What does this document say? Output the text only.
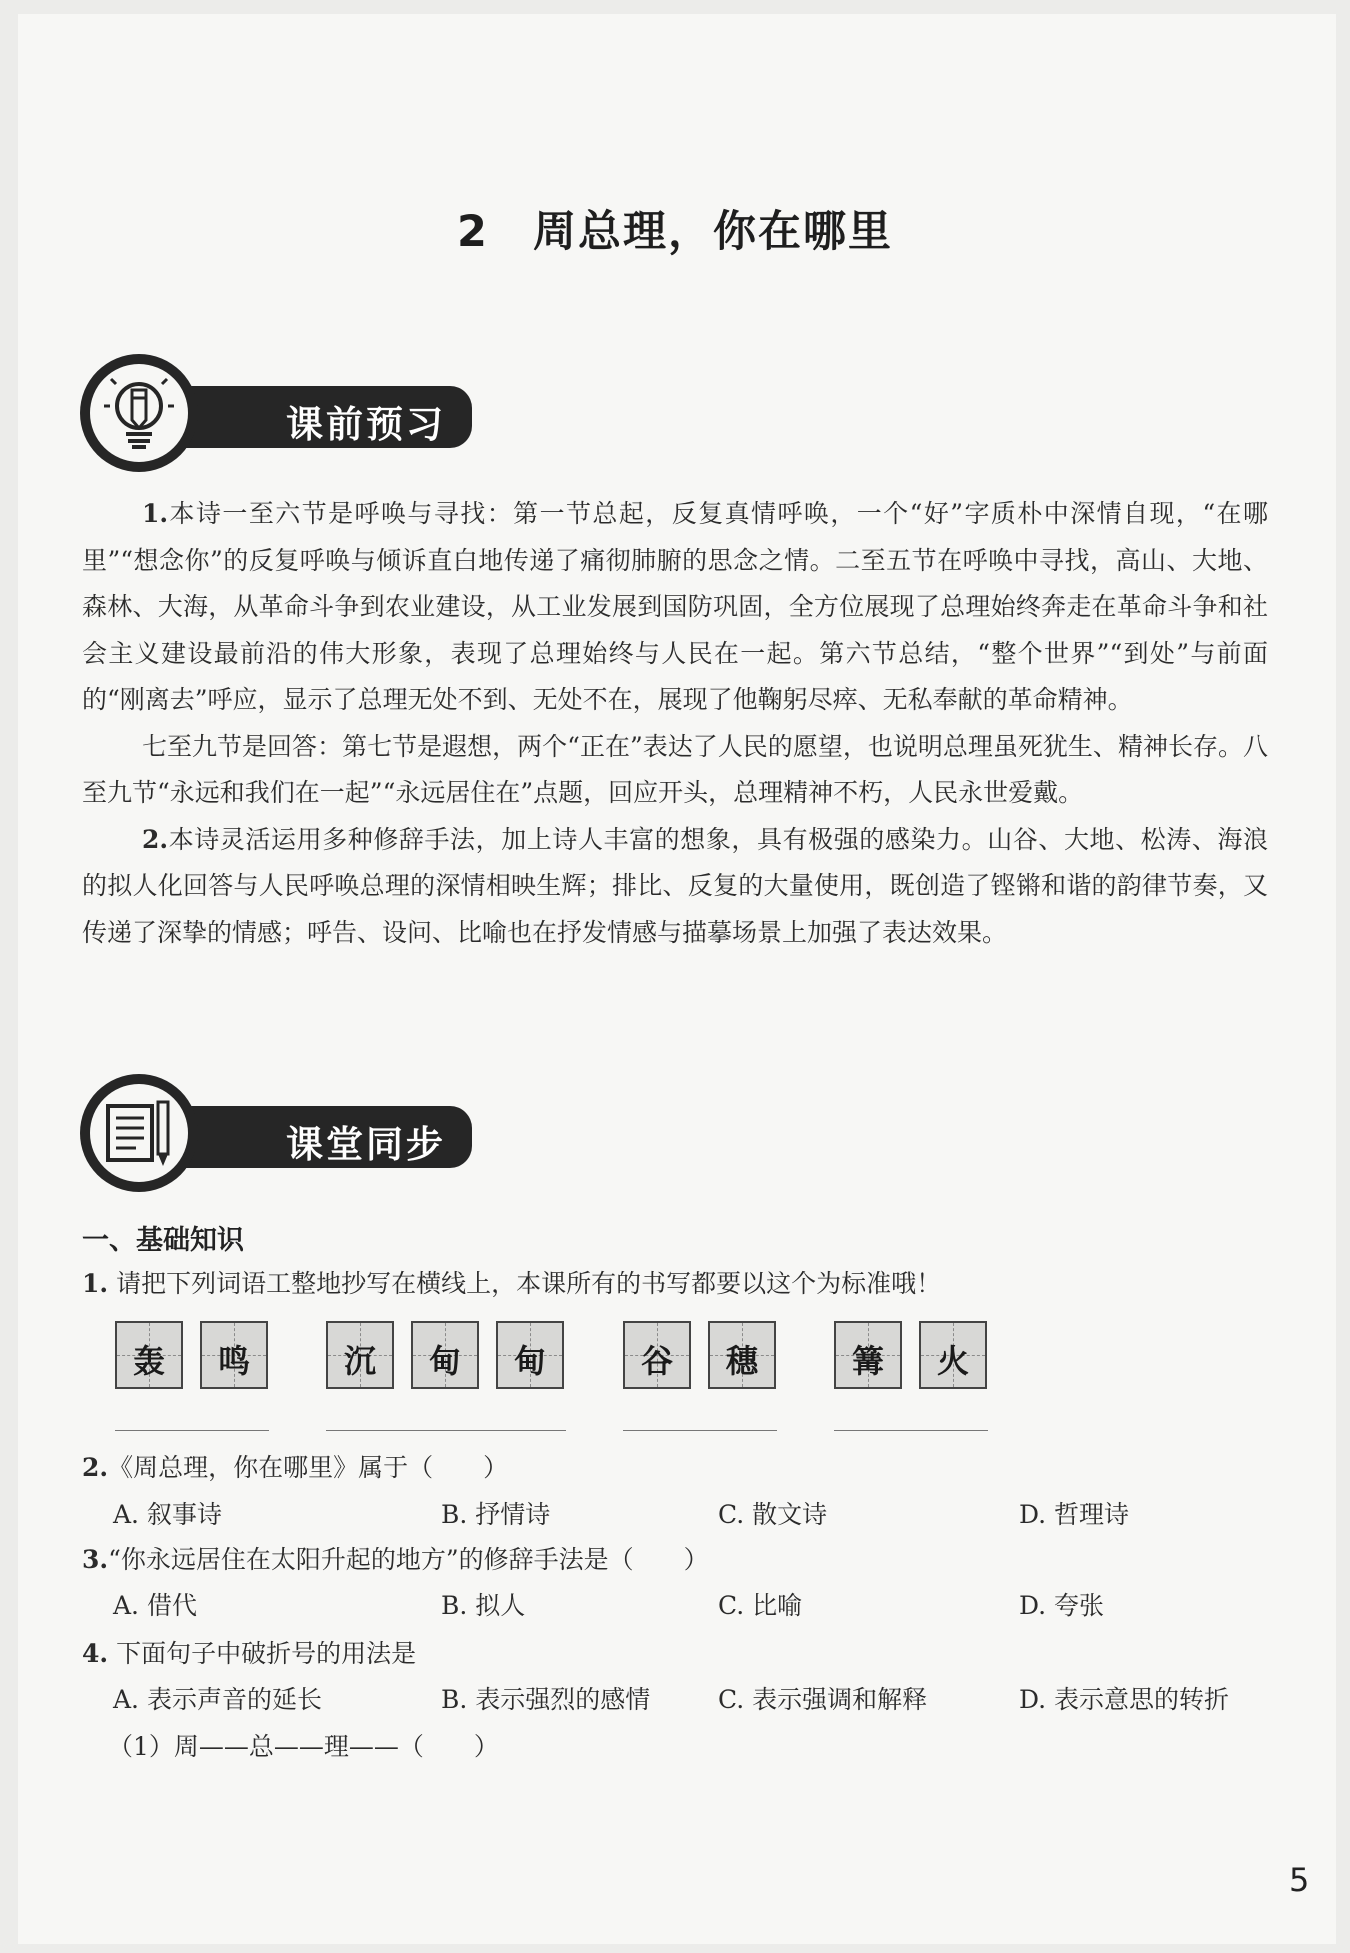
2 周总理，你在哪里
课前预习

1.本诗一至六节是呼唤与寻找：第一节总起，反复真情呼唤，一个“好”字质朴中深情自现，“在哪里”“想念你”的反复呼唤与倾诉直白地传递了痛彻肺腑的思念之情。二至五节在呼唤中寻找，高山、大地、森林、大海，从革命斗争到农业建设，从工业发展到国防巩固，全方位展现了总理始终奔走在革命斗争和社会主义建设最前沿的伟大形象，表现了总理始终与人民在一起。第六节总结，“整个世界”“到处”与前面的“刚离去”呼应，显示了总理无处不到、无处不在，展现了他鞠躬尽瘁、无私奉献的革命精神。

七至九节是回答：第七节是遐想，两个“正在”表达了人民的愿望，也说明总理虽死犹生、精神长存。八至九节“永远和我们在一起”“永远居住在”点题，回应开头，总理精神不朽，人民永世爱戴。

2.本诗灵活运用多种修辞手法，加上诗人丰富的想象，具有极强的感染力。山谷、大地、松涛、海浪的拟人化回答与人民呼唤总理的深情相映生辉；排比、反复的大量使用，既创造了铿锵和谐的韵律节奏，又传递了深挚的情感；呼告、设问、比喻也在抒发情感与描摹场景上加强了表达效果。

课堂同步
一、基础知识
1. 请把下列词语工整地抄写在横线上，本课所有的书写都要以这个为标准哦！
轰	鸣	沉	甸	甸	谷	穗	篝	火
2.《周总理，你在哪里》属于（　　）
A. 叙事诗	B. 抒情诗	C. 散文诗	D. 哲理诗
3.“你永远居住在太阳升起的地方”的修辞手法是（　　）
A. 借代	B. 拟人	C. 比喻	D. 夸张
4. 下面句子中破折号的用法是
A. 表示声音的延长	B. 表示强烈的感情	C. 表示强调和解释	D. 表示意思的转折
（1）周——总——理——（　　）
5
